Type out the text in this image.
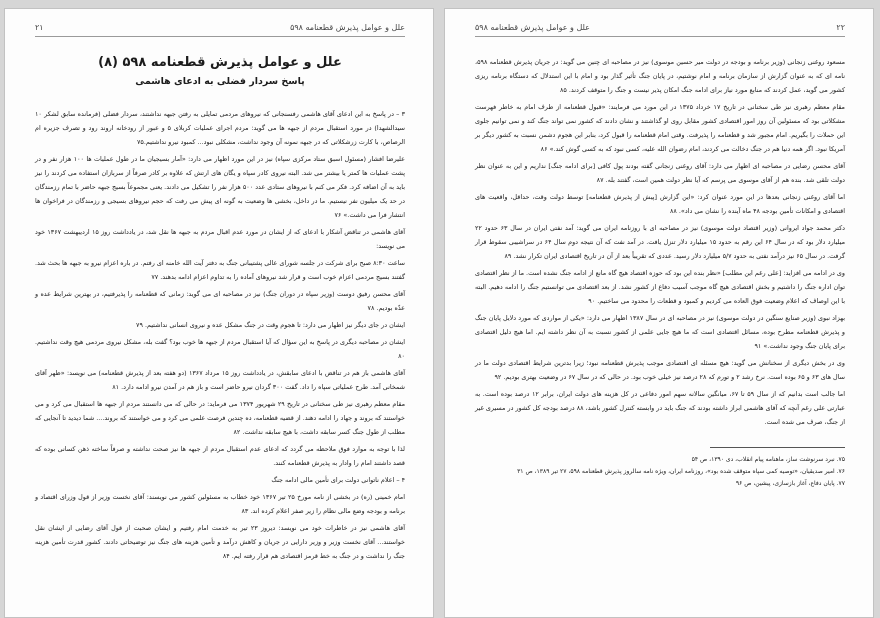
علل و عوامل پذیرش قطعنامه ۵۹۸
۲۱
علل و عوامل پذیرش قطعنامه ۵۹۸ (۸)
پاسخ سردار فضلی به ادعای هاشمی
۳ – در پاسخ به این ادعای آقای هاشمی رفسنجانی که نیروهای مردمی تمایلی به رفتن جبهه نداشتند، سردار فضلی (فرمانده سابق لشکر ۱۰ سیدالشهدا) در مورد استقبال مردم از جبهه ها می گوید: مردم اجرای عملیات کربلای ۵ و عبور از رودخانه اروند رود و تصرف جزیره ام الرصاص، با کارت زرشکلاتی که در جبهه نمونه آن وجود نداشت، مشکلی نبود... کمبود نیرو نداشتیم.۷۵
علیرضا افشار (مسئول اسبق ستاد مرکزی سپاه) نیز در این مورد اظهار می دارد: «آمار بسیجیان ما در طول عملیات ها ۱۰۰ هزار نفر و در پشت عملیات ها کمتر یا بیشتر می شد. البته نیروی کادر سپاه و یگان های ارتش که علاوه بر کادر صرفاً از سربازان استفاده می کردند را نیز باید به آن اضافه کرد. فکر می کنم با نیروهای ستادی عدد ۵۰۰ هزار نفر را تشکیل می دادند. یعنی مجموعاً بسیج جبهه حاضر با تمام رزمندگان در حد یک میلیون نفر نیستیم. ما در داخل، بخشی ها وضعیت به گونه ای پیش می رفت که حجم نیروهای بسیجی و رزمندگان در فراخوان ها انتشار فرا می داشت.» ۷۶
آقای هاشمی در تناقض آشکار با ادعای که از ایشان در مورد عدم اقبال مردم به جبهه ها نقل شد، در یادداشت روز ۱۵ اردیبهشت ۱۳۶۷ خود می نویسد:
ساعت ۸:۳۰ صبح برای شرکت در جلسه شورای عالی پشتیبانی جنگ به دفتر آیت الله خامنه ای رفتم. در باره اعزام نیرو به جبهه ها بحث شد. گفتند بسیج مردمی اعزام خوب است و قرار شد نیروهای آماده را به تداوم اعزام ادامه بدهند. ۷۷
آقای محسن رفیق دوست (وزیر سپاه در دوران جنگ) نیز در مصاحبه ای می گوید: زمانی که قطعنامه را پذیرفتیم، در بهترین شرایط عده و عدّه بودیم. ۷۸
ایشان در جای دیگر نیز اظهار می دارد: تا هجوم وقت در جنگ مشکل عده و نیروی انسانی نداشتیم. ۷۹
ایشان در مصاحبه دیگری در پاسخ به این سؤال که آیا استقبال مردم از جبهه ها خوب بود؟ گفت بله، مشکل نیروی مردمی هیچ وقت نداشتیم. ۸۰
آقای هاشمی باز هم در تناقض با ادعای سابقش، در یادداشت روز ۱۵ مرداد ۱۳۶۷ (دو هفته بعد از پذیرش قطعنامه) می نویسد: «ظهر آقای شمخانی آمد. طرح عملیاتی سپاه را داد. گفت ۳۰۰ گردان نیرو حاضر است و باز هم در آمدن نیرو ادامه دارد. ۸۱
مقام معظم رهبری نیز طی سخنانی در تاریخ ۲۹ شهریور ۱۳۷۴ می فرماید: در حالی که می دانستند مردم از جبهه ها استقبال می کرد و می خواستند که بروند و جهاد را ادامه دهند. از قضیه قطعنامه، ده چندین فرصت علمی می کرد و می خواستند که بروند.... شما دیدید تا آنجایی که مطلب از طول جنگ کسر سابقه داشت، با هیچ سابقه نداشت. ۸۲
لذا با توجه به موارد فوق ملاحظه می گردد که ادعای عدم استقبال مردم از جبهه ها نیز صحت نداشته و صرفاً ساخته ذهن کسانی بوده که قصد داشتند امام را وادار به پذیرش قطعنامه کنند.
۴ – اعلام ناتوانی دولت برای تأمین مالی ادامه جنگ
امام خمینی (ره) در بخشی از نامه مورخ ۲۵ تیر ۱۳۶۷ خود خطاب به مسئولین کشور می نویسند: آقای نخست وزیر از قول وزرای اقتصاد و برنامه و بودجه وضع مالی نظام را زیر صفر اعلام کرده اند. ۸۳
آقای هاشمی نیز در خاطرات خود می نویسد: دیروز ۲۳ تیر به خدمت امام رفتیم و ایشان صحبت از قول آقای رضایی از ایشان نقل خواستند... آقای نخست وزیر و وزیر دارایی در جریان و کاهش درآمد و تأمین هزینه های جنگ نیز توضیحاتی دادند. کشور قدرت تأمین هزینه جنگ را نداشت و در جنگ به خط قرمز اقتصادی هم قرار رفته ایم. ۸۴
۲۲
علل و عوامل پذیرش قطعنامه ۵۹۸
مسعود روغنی زنجانی (وزیر برنامه و بودجه در دولت میر حسین موسوی) نیز در مصاحبه ای چنین می گوید: در جریان پذیرش قطعنامه ۵۹۸، نامه ای که به عنوان گزارش از سازمان برنامه و امام نوشتیم، در پایان جنگ تأثیر گذار بود و امام با این استدلال که دستگاه برنامه ریزی کشور می گوید، عمل کردند که منابع مورد نیاز برای ادامه جنگ امکان پذیر نیست و جنگ را متوقف کردند. ۸۵
مقام معظم رهبری نیز طی سخنانی در تاریخ ۱۷ خرداد ۱۳۷۵ در این مورد می فرمایند: «قبول قطعنامه از طرف امام به خاطر فهرست مشکلاتی بود که مسئولین آن روز امور اقتصادی کشور مقابل روی او گذاشتند و نشان دادند که کشور نمی تواند جنگ کند و نمی توانیم جلوی این حملات را بگیریم. امام مجبور شد و قطعنامه را پذیرفت. وقتی امام قطعنامه را قبول کرد، بنابر این هجوم دشمن نسبت به کشور دیگر بر آمریکا نبود. اگر همه دنیا هم در جنگ دخالت می کردند، امام رضوان الله علیه، کسی نبود که به کسی گوش کند.» ۸۶
آقای محسن رضایی در مصاحبه ای اظهار می دارد: آقای روغنی زنجانی گفته بودند پول کافی [برای ادامه جنگ] نداریم و این به عنوان نظر دولت تلقی شد. بنده هم از آقای موسوی می پرسم که آیا نظر دولت همین است، گفتند بله. ۸۷
اما آقای روغنی زنجانی بعدها در این مورد عنوان کرد: «این گزارش [پیش از پذیرش قطعنامه] توسط دولت وقت، حداقل، واقعیت های اقتصادی و امکانات تأمین بودجه ۴۸ ماه آینده را نشان می داد». ۸۸
دکتر محمد جواد ایروانی (وزیر اقتصاد دولت موسوی) نیز در مصاحبه ای با روزنامه ایران می گوید: آمد نفتی ایران در سال ۶۳ حدود ۲۲ میلیارد دلار بود که در سال ۶۴ این رقم به حدود ۱۵ میلیارد دلار تنزل یافت. در آمد نفت که آن نتیجه دوم سال ۶۴ در سراشیبی سقوط قرار گرفت. در سال ۶۵ نیز درآمد نفتی به حدود ۵/۷ میلیارد دلار رسید. عددی که تقریباً بعد از آن در تاریخ اقتصادی ایران تکرار نشد. ۸۹
وی در ادامه می افزاید: [علی رغم این مطلب] «نظر بنده این بود که حوزه اقتصاد هیچ گاه مانع از ادامه جنگ نشده است. ما از نظر اقتصادی توان اداره جنگ را داشتیم و بخش اقتصادی هیچ گاه موجب آسیب دفاع از کشور نشد. از بعد اقتصادی می توانستیم جنگ را ادامه دهیم. البته با این اوصاف که اعلام وضعیت فوق العاده می کردیم و کمبود و قطعات را محدود می ساختیم. ۹۰
بهزاد نبوی (وزیر صنایع سنگین در دولت موسوی) نیز در مصاحبه ای در سال ۱۳۸۷ اظهار می دارد: «یکی از مواردی که مورد دلایل پایان جنگ و پذیرش قطعنامه مطرح بوده، مسائل اقتصادی است که ما هیچ جایی علمی از کشور نسبت به آن نظر داشته ایم. اما هیچ دلیل اقتصادی برای پایان جنگ وجود نداشت.» ۹۱
وی در بخش دیگری از سخنانش می گوید: هیچ مسئله ای اقتصادی موجب پذیرش قطعنامه نبود؛ زیرا بدترین شرایط اقتصادی دولت ما در سال های ۶۳ و ۶۵ بوده است. نرخ رشد ۲ و تورم که ۲۸ درصد نیز خیلی خوب بود. در حالی که در سال ۶۷ در وضعیت بهتری بودیم. ۹۲
اما جالب است بدانیم که از سال ۵۹ تا ۶۷، میانگین سالانه سهم امور دفاعی در کل هزینه های دولت ایران، برابر ۱۲ درصد بوده است. به عبارتی علی رغم آنچه که آقای هاشمی ابراز داشته بودند که جنگ باید در وابسته کنترل کشور باشد، ۸۸ درصد بودجه کل کشور در مسیری غیر از جنگ، صرف می شده است.
۷۵. نبرد سرنوشت ساز، ماهنامه پیام انقلاب، دی ۱۳۹۰، ص ۵۴
۷۶. امیر صدیقیان، «توصیه کمی سپاه متوقف شده بود»، روزنامه ایران، ویژه نامه سالروز پذیرش قطعنامه ۵۹۸، ۲۷ تیر ۱۳۸۹، ص ۳۱
۷۷. پایان دفاع، آغاز بازسازی، پیشین، ص ۹۶
